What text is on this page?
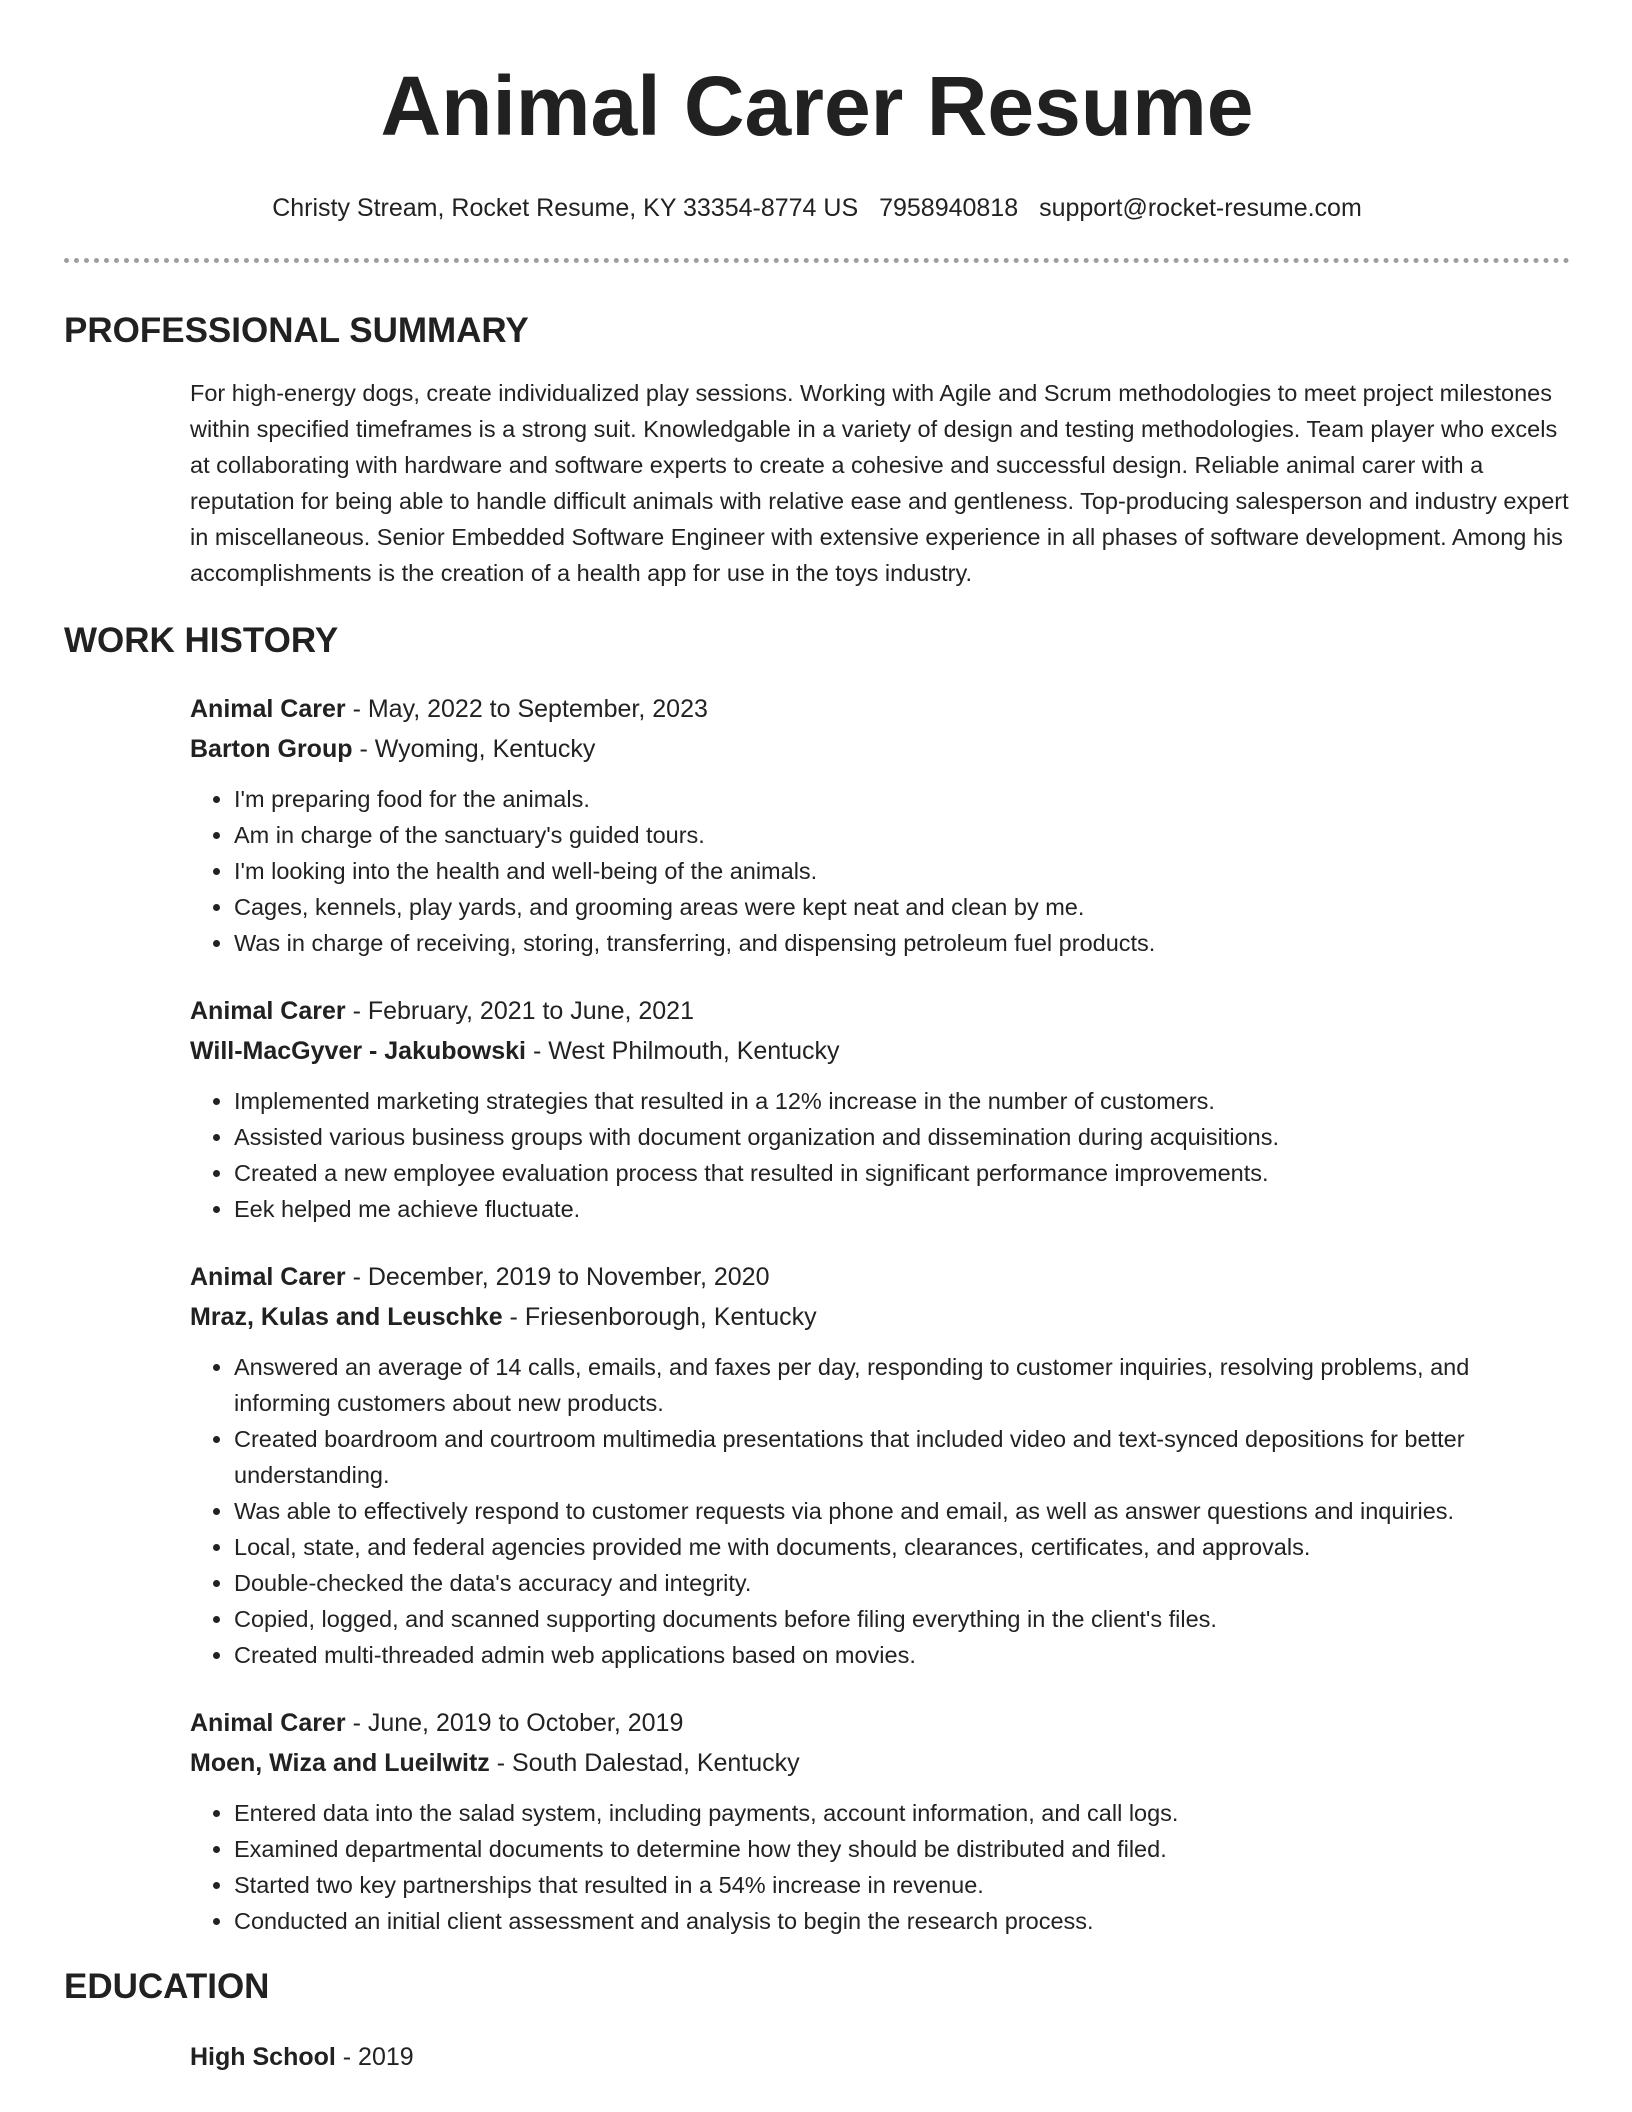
Animal Carer Resume
Christy Stream, Rocket Resume, KY 33354-8774 US 7958940818 support@rocket-resume.com
PROFESSIONAL SUMMARY

For high-energy dogs, create individualized play sessions. Working with Agile and Scrum methodologies to meet project milestones within specified timeframes is a strong suit. Knowledgable in a variety of design and testing methodologies. Team player who excels at collaborating with hardware and software experts to create a cohesive and successful design. Reliable animal carer with a reputation for being able to handle difficult animals with relative ease and gentleness. Top-producing salesperson and industry expert in miscellaneous. Senior Embedded Software Engineer with extensive experience in all phases of software development. Among his accomplishments is the creation of a health app for use in the toys industry.

WORK HISTORY
Animal Carer - May, 2022 to September, 2023
Barton Group - Wyoming, Kentucky
• I'm preparing food for the animals.
• Am in charge of the sanctuary's guided tours.
• I'm looking into the health and well-being of the animals.
• Cages, kennels, play yards, and grooming areas were kept neat and clean by me.
• Was in charge of receiving, storing, transferring, and dispensing petroleum fuel products.
Animal Carer - February, 2021 to June, 2021
Will-MacGyver - Jakubowski - West Philmouth, Kentucky
• Implemented marketing strategies that resulted in a 12% increase in the number of customers.
• Assisted various business groups with document organization and dissemination during acquisitions.
• Created a new employee evaluation process that resulted in significant performance improvements.
• Eek helped me achieve fluctuate.
Animal Carer - December, 2019 to November, 2020
Mraz, Kulas and Leuschke - Friesenborough, Kentucky
• Answered an average of 14 calls, emails, and faxes per day, responding to customer inquiries, resolving problems, and informing customers about new products.
• Created boardroom and courtroom multimedia presentations that included video and text-synced depositions for better understanding.
• Was able to effectively respond to customer requests via phone and email, as well as answer questions and inquiries.
• Local, state, and federal agencies provided me with documents, clearances, certificates, and approvals.
• Double-checked the data's accuracy and integrity.
• Copied, logged, and scanned supporting documents before filing everything in the client's files.
• Created multi-threaded admin web applications based on movies.
Animal Carer - June, 2019 to October, 2019
Moen, Wiza and Lueilwitz - South Dalestad, Kentucky
• Entered data into the salad system, including payments, account information, and call logs.
• Examined departmental documents to determine how they should be distributed and filed.
• Started two key partnerships that resulted in a 54% increase in revenue.
• Conducted an initial client assessment and analysis to begin the research process.
EDUCATION
High School - 2019
